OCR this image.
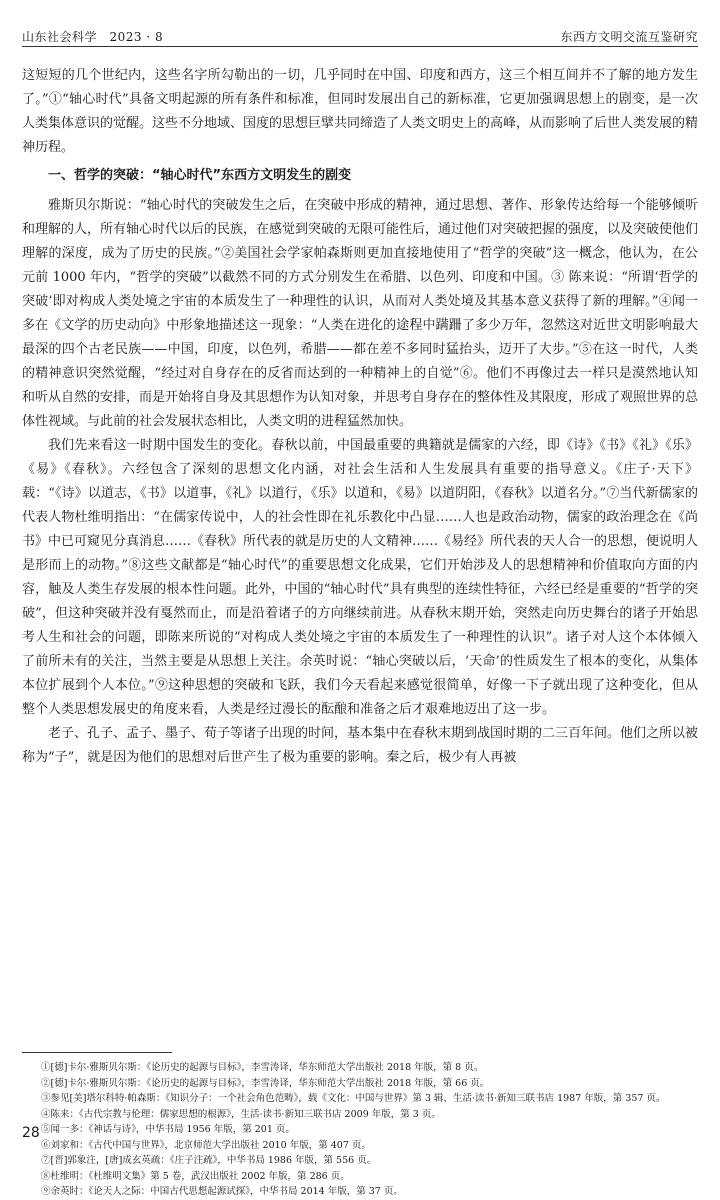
山东社会科学　2023 · 8	东西方文明交流互鉴研究

这短短的几个世纪内，这些名字所勾勒出的一切，几乎同时在中国、印度和西方，这三个相互间并不了解的地方发生了。”①“轴心时代”具备文明起源的所有条件和标准，但同时发展出自己的新标准，它更加强调思想上的剧变，是一次人类集体意识的觉醒。这些不分地域、国度的思想巨擘共同缔造了人类文明史上的高峰，从而影响了后世人类发展的精神历程。

一、哲学的突破：“轴心时代”东西方文明发生的剧变

雅斯贝尔斯说：“轴心时代的突破发生之后，在突破中形成的精神，通过思想、著作、形象传达给每一个能够倾听和理解的人，所有轴心时代以后的民族，在感觉到突破的无限可能性后，通过他们对突破把握的强度，以及突破使他们理解的深度，成为了历史的民族。”②美国社会学家帕森斯则更加直接地使用了“哲学的突破”这一概念，他认为，在公元前 1000 年内，“哲学的突破”以截然不同的方式分别发生在希腊、以色列、印度和中国。③ 陈来说：“所谓‘哲学的突破’即对构成人类处境之宇宙的本质发生了一种理性的认识，从而对人类处境及其基本意义获得了新的理解。”④闻一多在《文学的历史动向》中形象地描述这一现象：“人类在进化的途程中蹒跚了多少万年，忽然这对近世文明影响最大最深的四个古老民族——中国，印度，以色列，希腊——都在差不多同时猛抬头，迈开了大步。”⑤在这一时代，人类的精神意识突然觉醒，“经过对自身存在的反省而达到的一种精神上的自觉”⑥。他们不再像过去一样只是漠然地认知和听从自然的安排，而是开始将自身及其思想作为认知对象，并思考自身存在的整体性及其限度，形成了观照世界的总体性视域。与此前的社会发展状态相比，人类文明的进程猛然加快。

我们先来看这一时期中国发生的变化。春秋以前，中国最重要的典籍就是儒家的六经，即《诗》《书》《礼》《乐》《易》《春秋》。六经包含了深刻的思想文化内涵，对社会生活和人生发展具有重要的指导意义。《庄子·天下》载：“《诗》以道志，《书》以道事，《礼》以道行，《乐》以道和，《易》以道阴阳，《春秋》以道名分。”⑦当代新儒家的代表人物杜维明指出：“在儒家传说中，人的社会性即在礼乐教化中凸显……人也是政治动物，儒家的政治理念在《尚书》中已可窥见分真消息……《春秋》所代表的就是历史的人文精神……《易经》所代表的天人合一的思想，便说明人是形而上的动物。”⑧这些文献都是“轴心时代”的重要思想文化成果，它们开始涉及人的思想精神和价值取向方面的内容，触及人类生存发展的根本性问题。此外，中国的“轴心时代”具有典型的连续性特征，六经已经是重要的“哲学的突破”，但这种突破并没有戛然而止，而是沿着诸子的方向继续前进。从春秋末期开始，突然走向历史舞台的诸子开始思考人生和社会的问题，即陈来所说的“对构成人类处境之宇宙的本质发生了一种理性的认识”。诸子对人这个本体倾入了前所未有的关注，当然主要是从思想上关注。余英时说：“轴心突破以后，‘天命’的性质发生了根本的变化，从集体本位扩展到个人本位。”⑨这种思想的突破和飞跃，我们今天看起来感觉很简单，好像一下子就出现了这种变化，但从整个人类思想发展史的角度来看，人类是经过漫长的酝酿和准备之后才艰难地迈出了这一步。

老子、孔子、孟子、墨子、荀子等诸子出现的时间，基本集中在春秋末期到战国时期的二三百年间。他们之所以被称为“子”，就是因为他们的思想对后世产生了极为重要的影响。秦之后，极少有人再被

①[德]卡尔·雅斯贝尔斯：《论历史的起源与目标》，李雪涛译，华东师范大学出版社 2018 年版，第 8 页。
②[德]卡尔·雅斯贝尔斯：《论历史的起源与目标》，李雪涛译，华东师范大学出版社 2018 年版，第 66 页。
③参见[美]塔尔科特·帕森斯：《知识分子：一个社会角色范畴》，载《文化：中国与世界》第 3 辑，生活·读书·新知三联书店 1987 年版，第 357 页。
④陈来：《古代宗教与伦理：儒家思想的根源》，生活·读书·新知三联书店 2009 年版，第 3 页。
⑤闻一多：《神话与诗》，中华书局 1956 年版，第 201 页。
⑥刘家和：《古代中国与世界》，北京师范大学出版社 2010 年版，第 407 页。
⑦[晋]郭象注，[唐]成玄英疏：《庄子注疏》，中华书局 1986 年版，第 556 页。
⑧杜维明：《杜维明文集》第 5 卷，武汉出版社 2002 年版，第 286 页。
⑨余英时：《论天人之际：中国古代思想起源试探》，中华书局 2014 年版，第 37 页。
28
